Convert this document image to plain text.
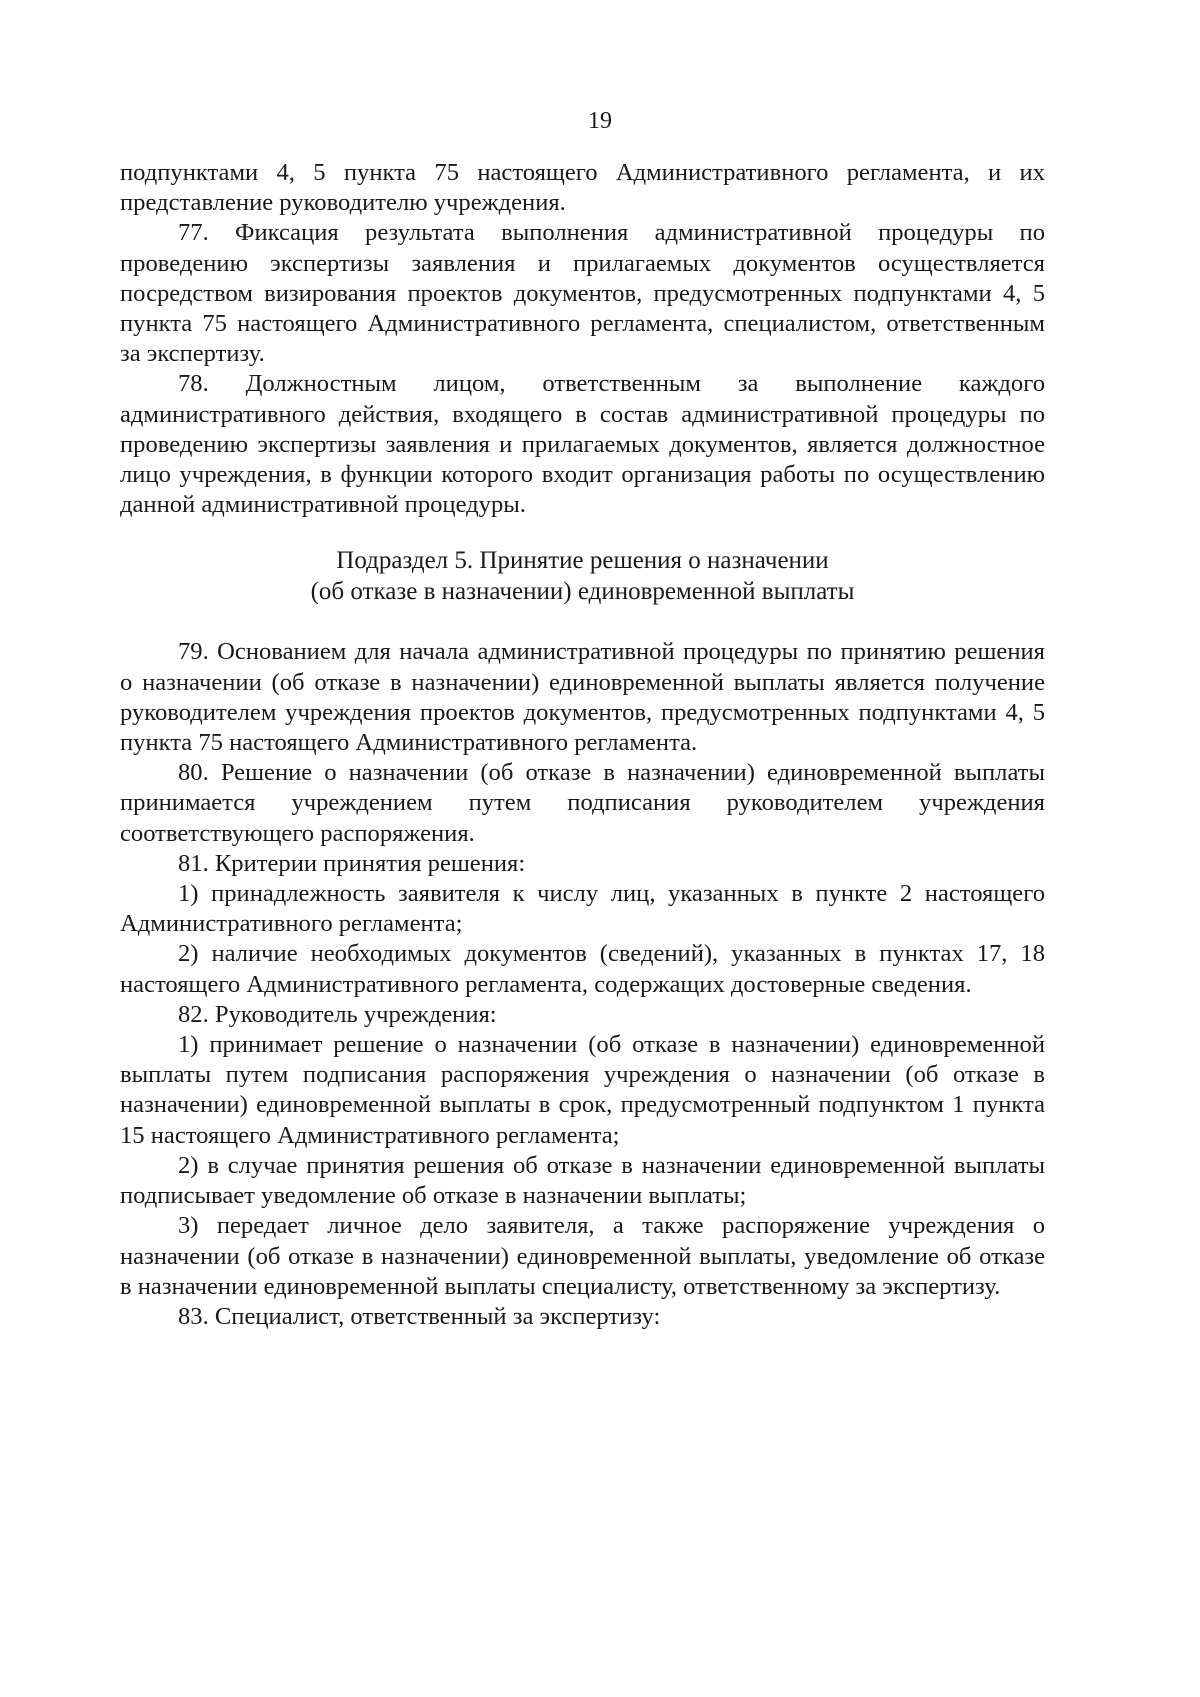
19

подпунктами 4, 5 пункта 75 настоящего Административного регламента, и их представление руководителю учреждения.

77. Фиксация результата выполнения административной процедуры по проведению экспертизы заявления и прилагаемых документов осуществляется посредством визирования проектов документов, предусмотренных подпунктами 4, 5 пункта 75 настоящего Административного регламента, специалистом, ответственным за экспертизу.

78. Должностным лицом, ответственным за выполнение каждого административного действия, входящего в состав административной процедуры по проведению экспертизы заявления и прилагаемых документов, является должностное лицо учреждения, в функции которого входит организация работы по осуществлению данной административной процедуры.

Подраздел 5. Принятие решения о назначении
(об отказе в назначении) единовременной выплаты

79. Основанием для начала административной процедуры по принятию решения о назначении (об отказе в назначении) единовременной выплаты является получение руководителем учреждения проектов документов, предусмотренных подпунктами 4, 5 пункта 75 настоящего Административного регламента.

80. Решение о назначении (об отказе в назначении) единовременной выплаты принимается учреждением путем подписания руководителем учреждения соответствующего распоряжения.

81. Критерии принятия решения:

1) принадлежность заявителя к числу лиц, указанных в пункте 2 настоящего Административного регламента;

2) наличие необходимых документов (сведений), указанных в пунктах 17, 18 настоящего Административного регламента, содержащих достоверные сведения.

82. Руководитель учреждения:

1) принимает решение о назначении (об отказе в назначении) единовременной выплаты путем подписания распоряжения учреждения о назначении (об отказе в назначении) единовременной выплаты в срок, предусмотренный подпунктом 1 пункта 15 настоящего Административного регламента;

2) в случае принятия решения об отказе в назначении единовременной выплаты подписывает уведомление об отказе в назначении выплаты;

3) передает личное дело заявителя, а также распоряжение учреждения о назначении (об отказе в назначении) единовременной выплаты, уведомление об отказе в назначении единовременной выплаты специалисту, ответственному за экспертизу.

83. Специалист, ответственный за экспертизу:
